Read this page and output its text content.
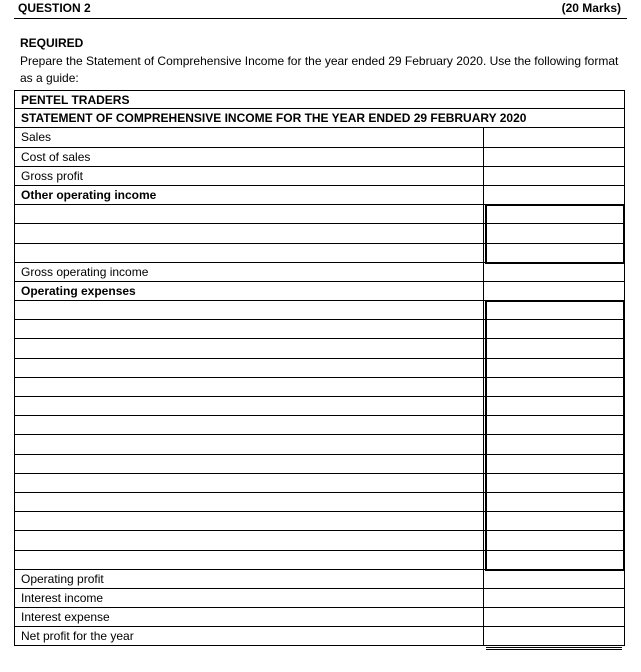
QUESTION 2	(20 Marks)
REQUIRED
Prepare the Statement of Comprehensive Income for the year ended 29 February 2020. Use the following format as a guide:
PENTEL TRADERS
STATEMENT OF COMPREHENSIVE INCOME FOR THE YEAR ENDED 29 FEBRUARY 2020
Sales
Cost of sales
Gross profit
Other operating income
Gross operating income
Operating expenses
Operating profit
Interest income
Interest expense
Net profit for the year
